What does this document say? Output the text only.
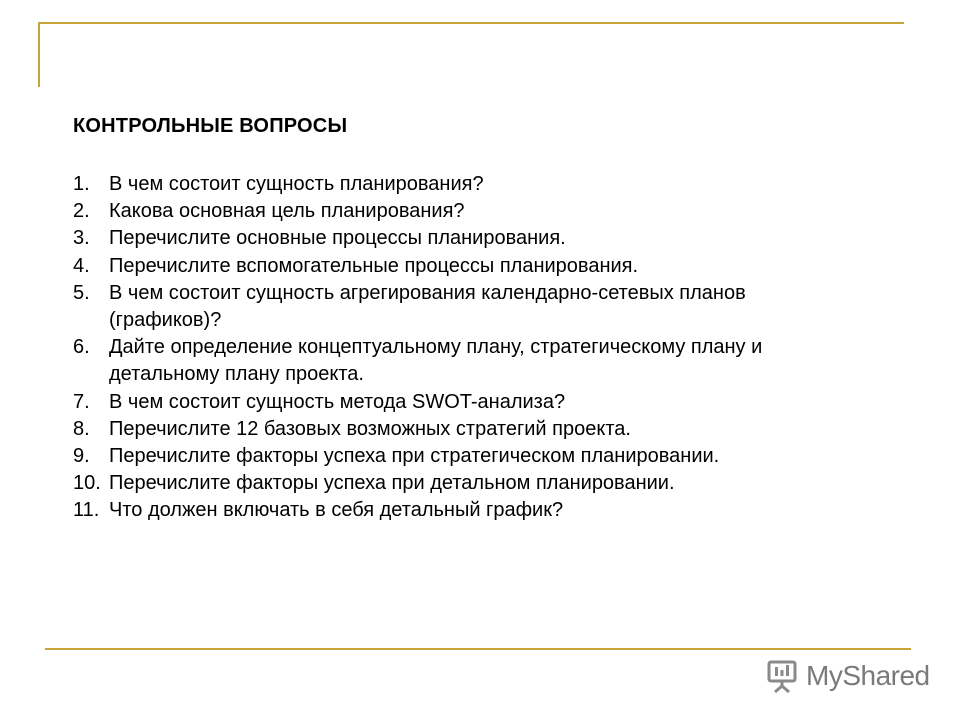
КОНТРОЛЬНЫЕ ВОПРОСЫ
1. В чем состоит сущность планирования?
2. Какова основная цель планирования?
3. Перечислите основные процессы планирования.
4. Перечислите вспомогательные процессы планирования.
5. В чем состоит сущность агрегирования календарно-сетевых планов (графиков)?
6. Дайте определение концептуальному плану, стратегическому плану и детальному плану проекта.
7. В чем состоит сущность метода SWOT-анализа?
8. Перечислите 12 базовых возможных стратегий проекта.
9. Перечислите факторы успеха при стратегическом планировании.
10. Перечислите факторы успеха при детальном планировании.
11. Что должен включать в себя детальный график?
MyShared
